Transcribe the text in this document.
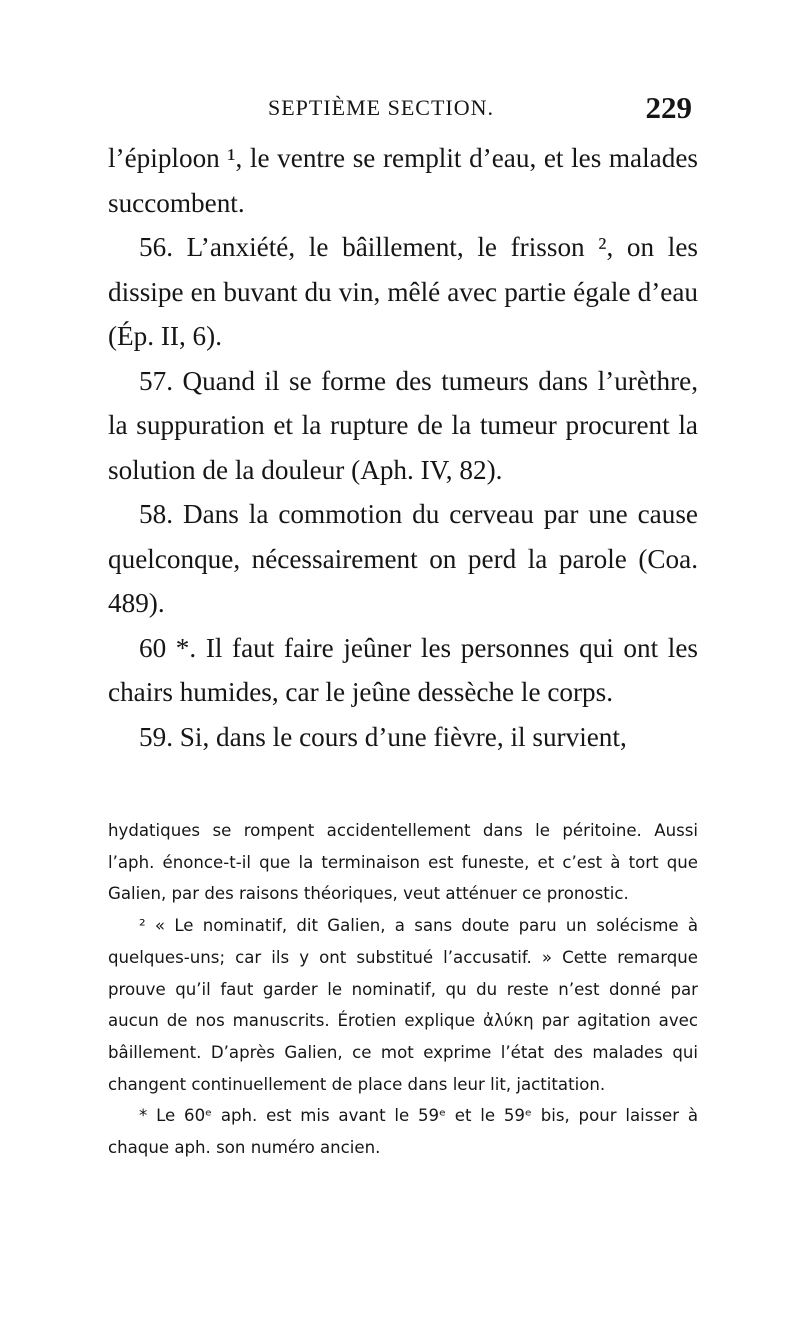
SEPTIÈME SECTION.	229

l’épiploon ¹, le ventre se remplit d’eau, et les malades succombent.

56. L’anxiété, le bâillement, le frisson ², on les dissipe en buvant du vin, mêlé avec partie égale d’eau (Ép. II, 6).

57. Quand il se forme des tumeurs dans l’urèthre, la suppuration et la rupture de la tumeur procurent la solution de la douleur (Aph. IV, 82).

58. Dans la commotion du cerveau par une cause quelconque, nécessairement on perd la parole (Coa. 489).

60 *. Il faut faire jeûner les personnes qui ont les chairs humides, car le jeûne dessèche le corps.

59. Si, dans le cours d’une fièvre, il survient,

hydatiques se rompent accidentellement dans le péritoine. Aussi l’aph. énonce-t-il que la terminaison est funeste, et c’est à tort que Galien, par des raisons théoriques, veut atténuer ce pronostic.

² « Le nominatif, dit Galien, a sans doute paru un solécisme à quelques-uns; car ils y ont substitué l’accusatif. » Cette remarque prouve qu’il faut garder le nominatif, qu du reste n’est donné par aucun de nos manuscrits. Érotien explique ἀλύκη par agitation avec bâillement. D’après Galien, ce mot exprime l’état des malades qui changent continuellement de place dans leur lit, jactitation.

* Le 60ᵉ aph. est mis avant le 59ᵉ et le 59ᵉ bis, pour laisser à chaque aph. son numéro ancien.
